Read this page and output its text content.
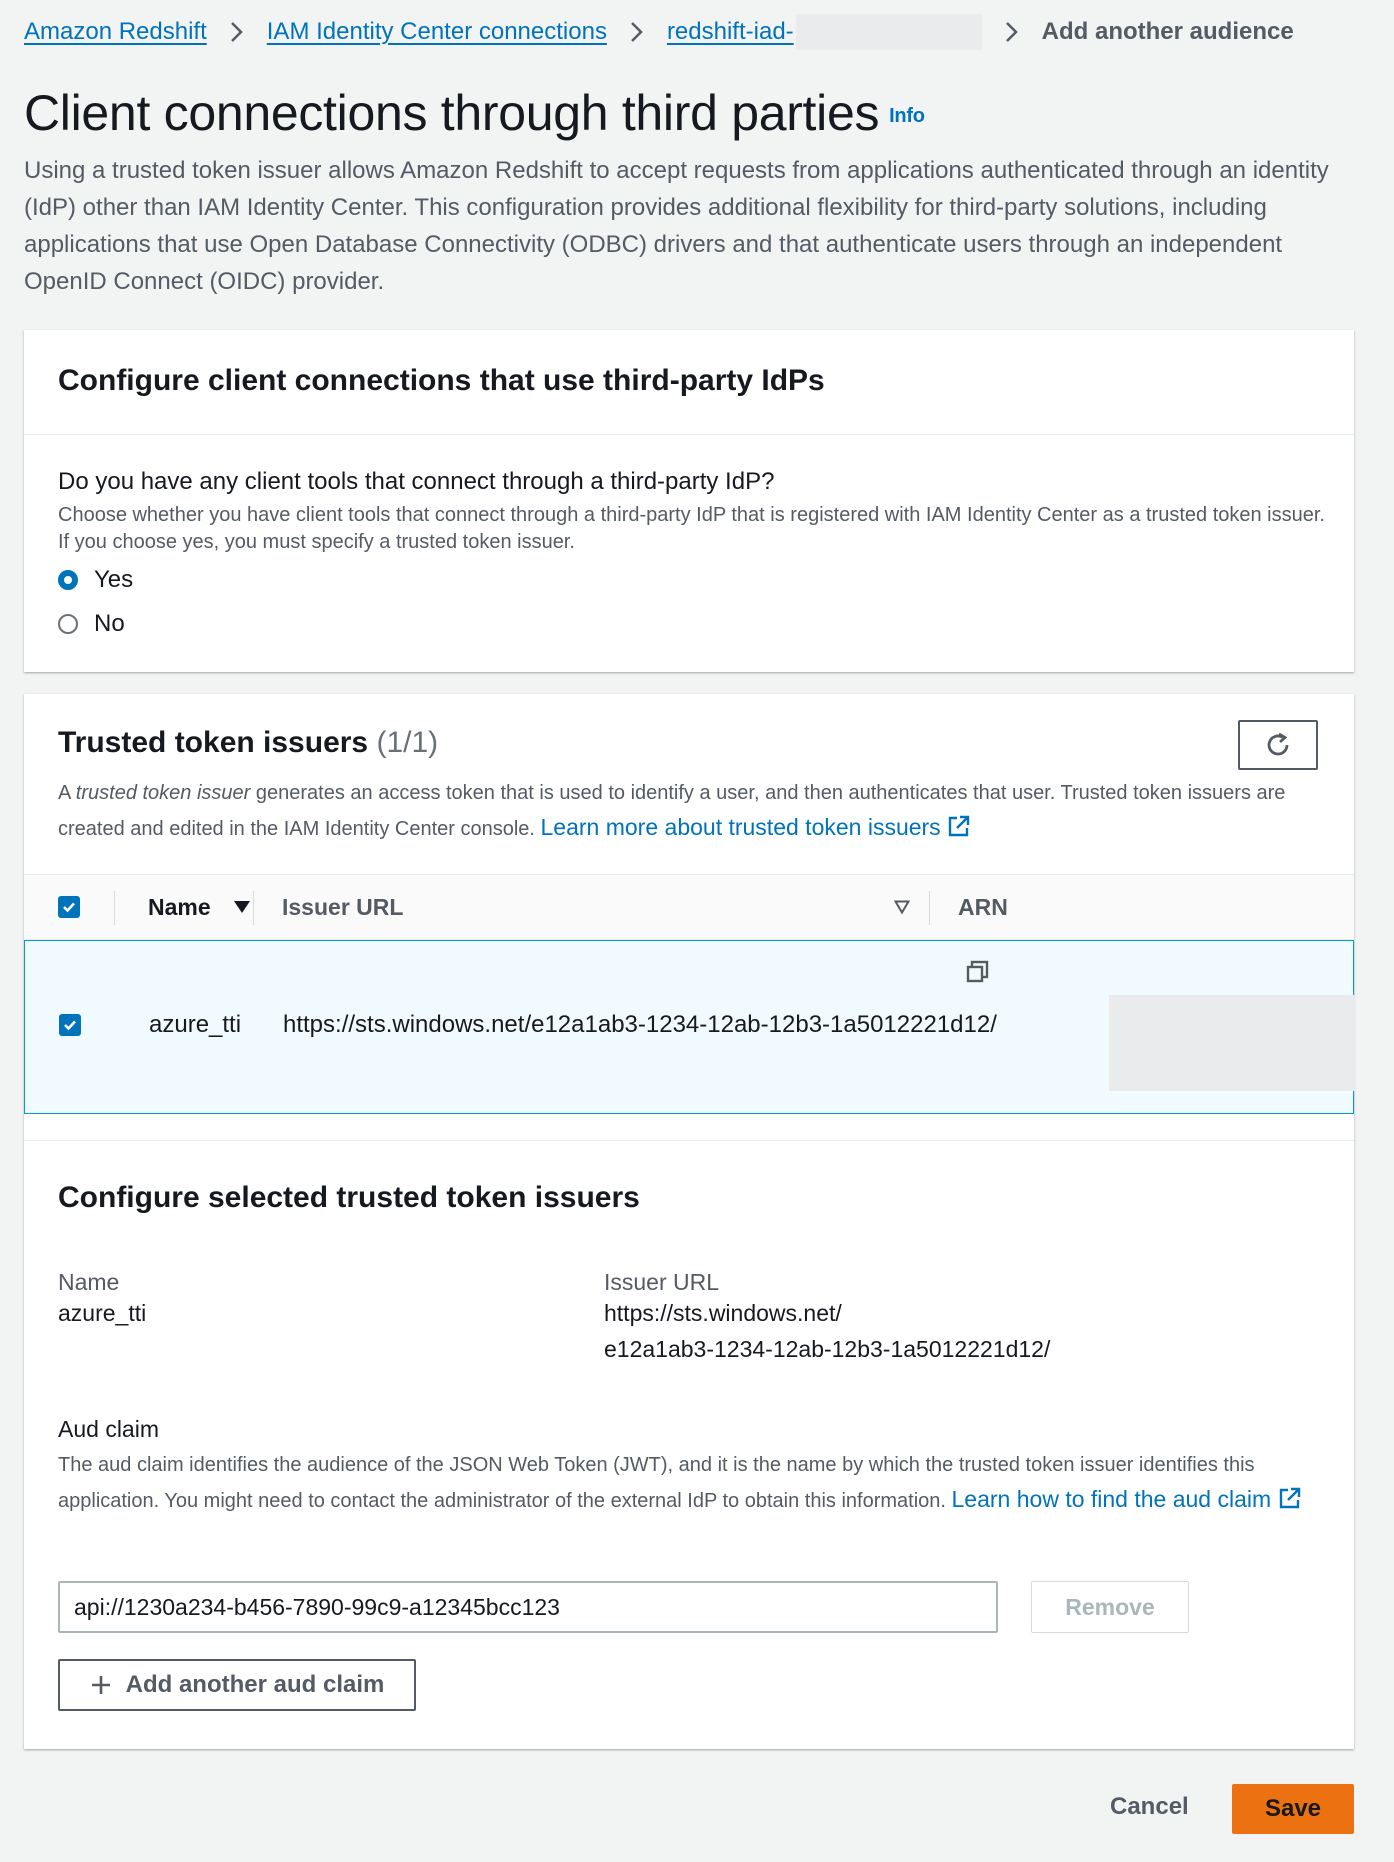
Amazon Redshift	IAM Identity Center connections	redshift-iad-	Add another audience
Client connections through third parties Info

Using a trusted token issuer allows Amazon Redshift to accept requests from applications authenticated through an identity (IdP) other than IAM Identity Center. This configuration provides additional flexibility for third-party solutions, including applications that use Open Database Connectivity (ODBC) drivers and that authenticate users through an independent OpenID Connect (OIDC) provider.

Configure client connections that use third-party IdPs

Do you have any client tools that connect through a third-party IdP?

Choose whether you have client tools that connect through a third-party IdP that is registered with IAM Identity Center as a trusted token issuer. If you choose yes, you must specify a trusted token issuer.

Yes
No
Trusted token issuers (1/1)

A trusted token issuer generates an access token that is used to identify a user, and then authenticates that user. Trusted token issuers are created and edited in the IAM Identity Center console. Learn more about trusted token issuers

Name	Issuer URL	ARN
azure_tti https://sts.windows.net/e12a1ab3-1234-12ab-12b3-1a5012221d12/
Configure selected trusted token issuers

Name

azure_tti

Issuer URL

https://sts.windows.net/

e12a1ab3-1234-12ab-12b3-1a5012221d12/

Aud claim

The aud claim identifies the audience of the JSON Web Token (JWT), and it is the name by which the trusted token issuer identifies this application. You might need to contact the administrator of the external IdP to obtain this information. Learn how to find the aud claim

api://1230a234-b456-7890-99c9-a12345bcc123
Remove
Add another aud claim
Cancel	Save
